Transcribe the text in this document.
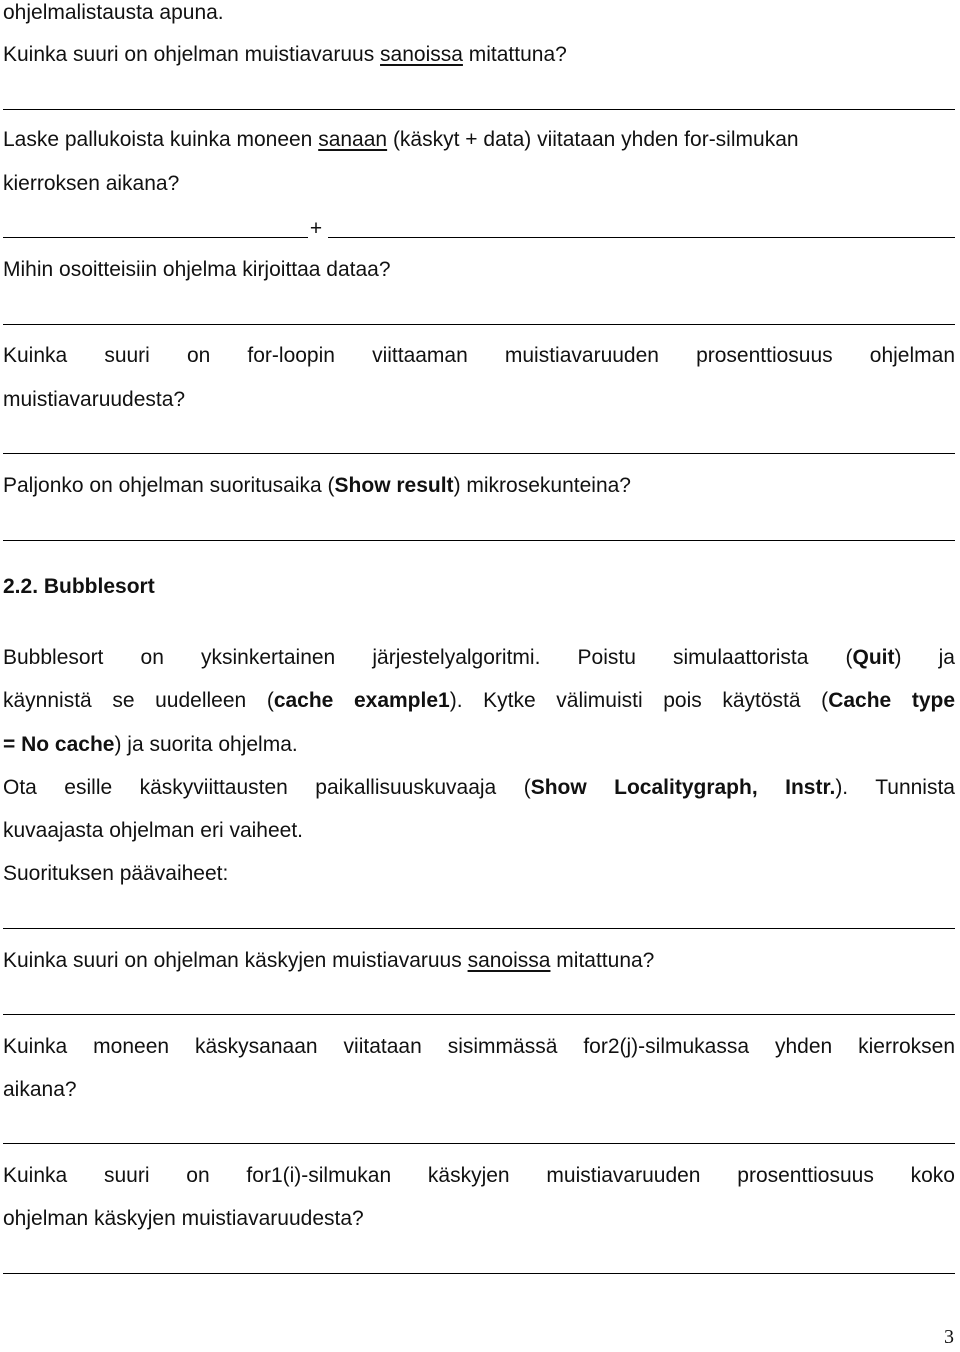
ohjelmalistausta apuna.
Kuinka suuri on ohjelman muistiavaruus sanoissa mitattuna?
Laske pallukoista kuinka moneen sanaan (käskyt + data) viitataan yhden for-silmukan
kierroksen aikana?
+
Mihin osoitteisiin ohjelma kirjoittaa dataa?
Kuinka suuri on for-loopin viittaaman muistiavaruuden prosenttiosuus ohjelman
muistiavaruudesta?
Paljonko on ohjelman suoritusaika (Show result) mikrosekunteina?
2.2. Bubblesort
Bubblesort on yksinkertainen järjestelyalgoritmi. Poistu simulaattorista (Quit) ja
käynnistä se uudelleen (cache example1). Kytke välimuisti pois käytöstä (Cache type
= No cache) ja suorita ohjelma.
Ota esille käskyviittausten paikallisuuskuvaaja (Show Localitygraph, Instr.). Tunnista
kuvaajasta ohjelman eri vaiheet.
Suorituksen päävaiheet:
Kuinka suuri on ohjelman käskyjen muistiavaruus sanoissa mitattuna?
Kuinka moneen käskysanaan viitataan sisimmässä for2(j)-silmukassa yhden kierroksen
aikana?
Kuinka suuri on for1(i)-silmukan käskyjen muistiavaruuden prosenttiosuus koko
ohjelman käskyjen muistiavaruudesta?
3
